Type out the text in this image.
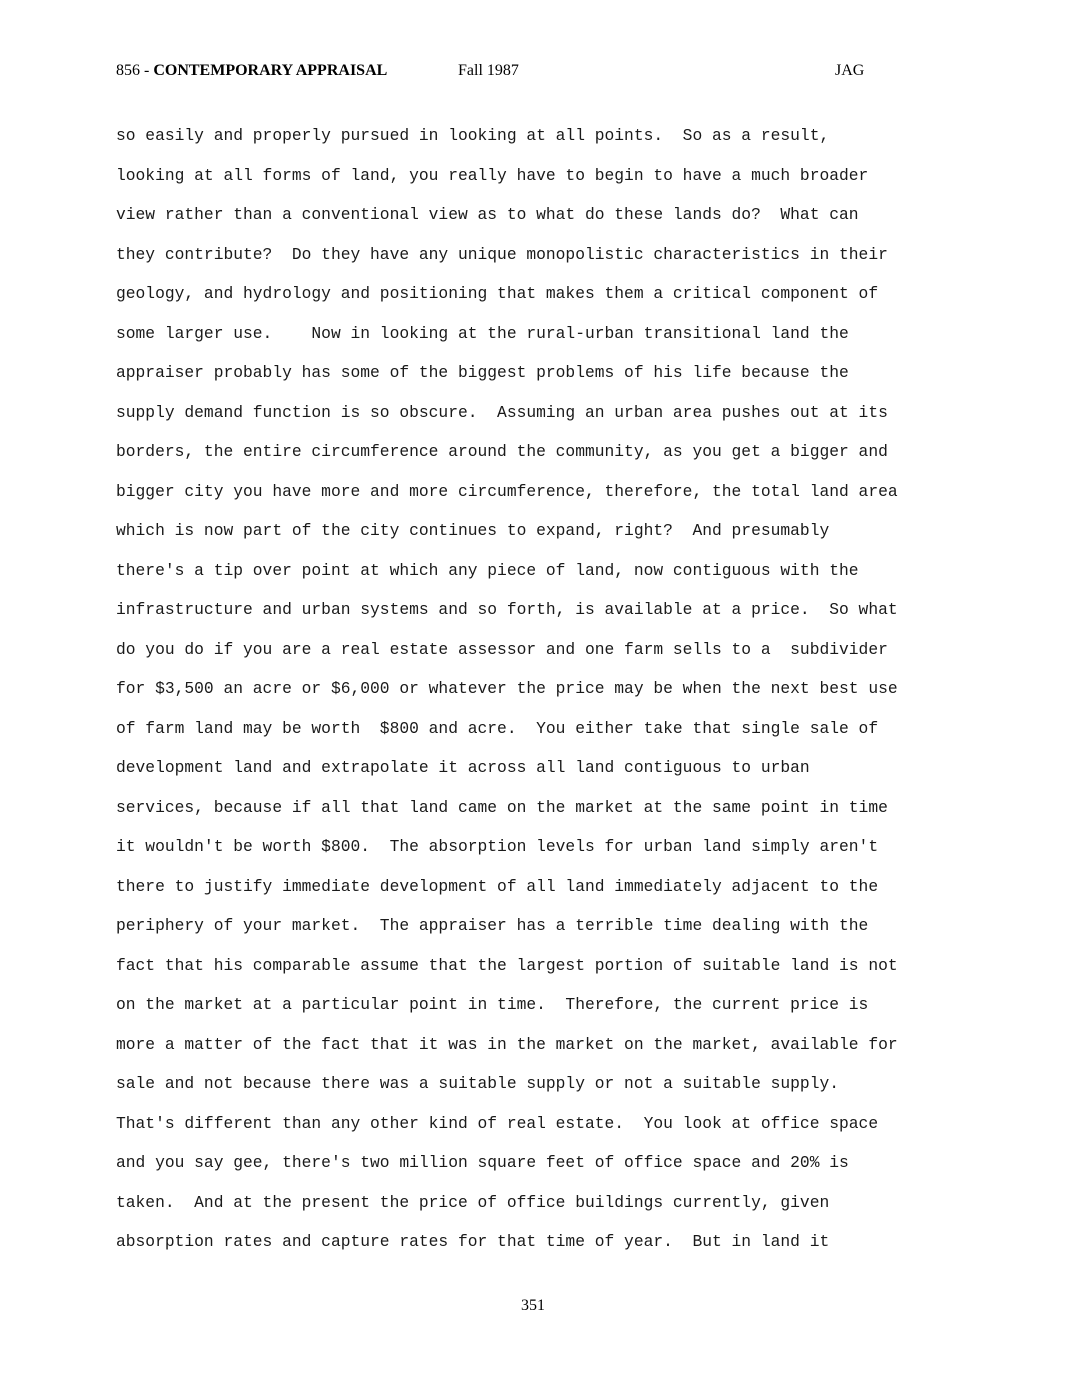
856 - CONTEMPORARY APPRAISAL	Fall 1987	JAG
so easily and properly pursued in looking at all points.  So as a result,
looking at all forms of land, you really have to begin to have a much broader
view rather than a conventional view as to what do these lands do?  What can
they contribute?  Do they have any unique monopolistic characteristics in their
geology, and hydrology and positioning that makes them a critical component of
some larger use.    Now in looking at the rural-urban transitional land the
appraiser probably has some of the biggest problems of his life because the
supply demand function is so obscure.  Assuming an urban area pushes out at its
borders, the entire circumference around the community, as you get a bigger and
bigger city you have more and more circumference, therefore, the total land area
which is now part of the city continues to expand, right?  And presumably
there's a tip over point at which any piece of land, now contiguous with the
infrastructure and urban systems and so forth, is available at a price.  So what
do you do if you are a real estate assessor and one farm sells to a  subdivider
for $3,500 an acre or $6,000 or whatever the price may be when the next best use
of farm land may be worth  $800 and acre.  You either take that single sale of
development land and extrapolate it across all land contiguous to urban
services, because if all that land came on the market at the same point in time
it wouldn't be worth $800.  The absorption levels for urban land simply aren't
there to justify immediate development of all land immediately adjacent to the
periphery of your market.  The appraiser has a terrible time dealing with the
fact that his comparable assume that the largest portion of suitable land is not
on the market at a particular point in time.  Therefore, the current price is
more a matter of the fact that it was in the market on the market, available for
sale and not because there was a suitable supply or not a suitable supply.
That's different than any other kind of real estate.  You look at office space
and you say gee, there's two million square feet of office space and 20% is
taken.  And at the present the price of office buildings currently, given
absorption rates and capture rates for that time of year.  But in land it
351
